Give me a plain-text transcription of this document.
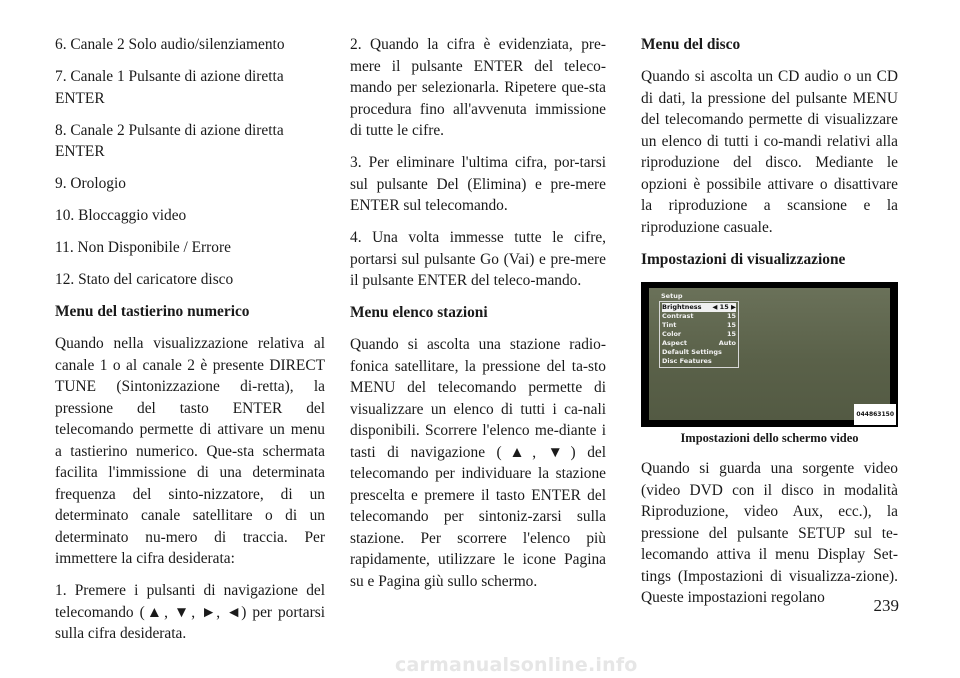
6. Canale 2 Solo audio/silenziamento

7. Canale 1 Pulsante di azione diretta ENTER

8. Canale 2 Pulsante di azione diretta ENTER

9. Orologio

10. Bloccaggio video

11. Non Disponibile / Errore

12. Stato del caricatore disco

Menu del tastierino numerico

Quando nella visualizzazione relativa al canale 1 o al canale 2 è presente DIRECT TUNE (Sintonizzazione di-retta), la pressione del tasto ENTER del telecomando permette di attivare un menu a tastierino numerico. Que-sta schermata facilita l'immissione di una determinata frequenza del sinto-nizzatore, di un determinato canale satellitare o di un determinato nu-mero di traccia. Per immettere la cifra desiderata:

1. Premere i pulsanti di navigazione del telecomando (▲, ▼, ►, ◄) per portarsi sulla cifra desiderata.

2. Quando la cifra è evidenziata, pre-mere il pulsante ENTER del teleco-mando per selezionarla. Ripetere que-sta procedura fino all'avvenuta immissione di tutte le cifre.

3. Per eliminare l'ultima cifra, por-tarsi sul pulsante Del (Elimina) e pre-mere ENTER sul telecomando.

4. Una volta immesse tutte le cifre, portarsi sul pulsante Go (Vai) e pre-mere il pulsante ENTER del teleco-mando.

Menu elenco stazioni

Quando si ascolta una stazione radio-fonica satellitare, la pressione del ta-sto MENU del telecomando permette di visualizzare un elenco di tutti i ca-nali disponibili. Scorrere l'elenco me-diante i tasti di navigazione (▲, ▼) del telecomando per individuare la stazione prescelta e premere il tasto ENTER del telecomando per sintoniz-zarsi sulla stazione. Per scorrere l'elenco più rapidamente, utilizzare le icone Pagina su e Pagina giù sullo schermo.

Menu del disco

Quando si ascolta un CD audio o un CD di dati, la pressione del pulsante MENU del telecomando permette di visualizzare un elenco di tutti i co-mandi relativi alla riproduzione del disco. Mediante le opzioni è possibile attivare o disattivare la riproduzione a scansione e la riproduzione casuale.

Impostazioni di visualizzazione

Setup
Brightness ◀ 15 ▶
Contrast	15
Tint	15
Color	15
Aspect	Auto
Default Settings
Disc Features
044863150
Impostazioni dello schermo video

Quando si guarda una sorgente video (video DVD con il disco in modalità Riproduzione, video Aux, ecc.), la pressione del pulsante SETUP sul te-lecomando attiva il menu Display Set-tings (Impostazioni di visualizza-zione). Queste impostazioni regolano	239
carmanualsonline.info
